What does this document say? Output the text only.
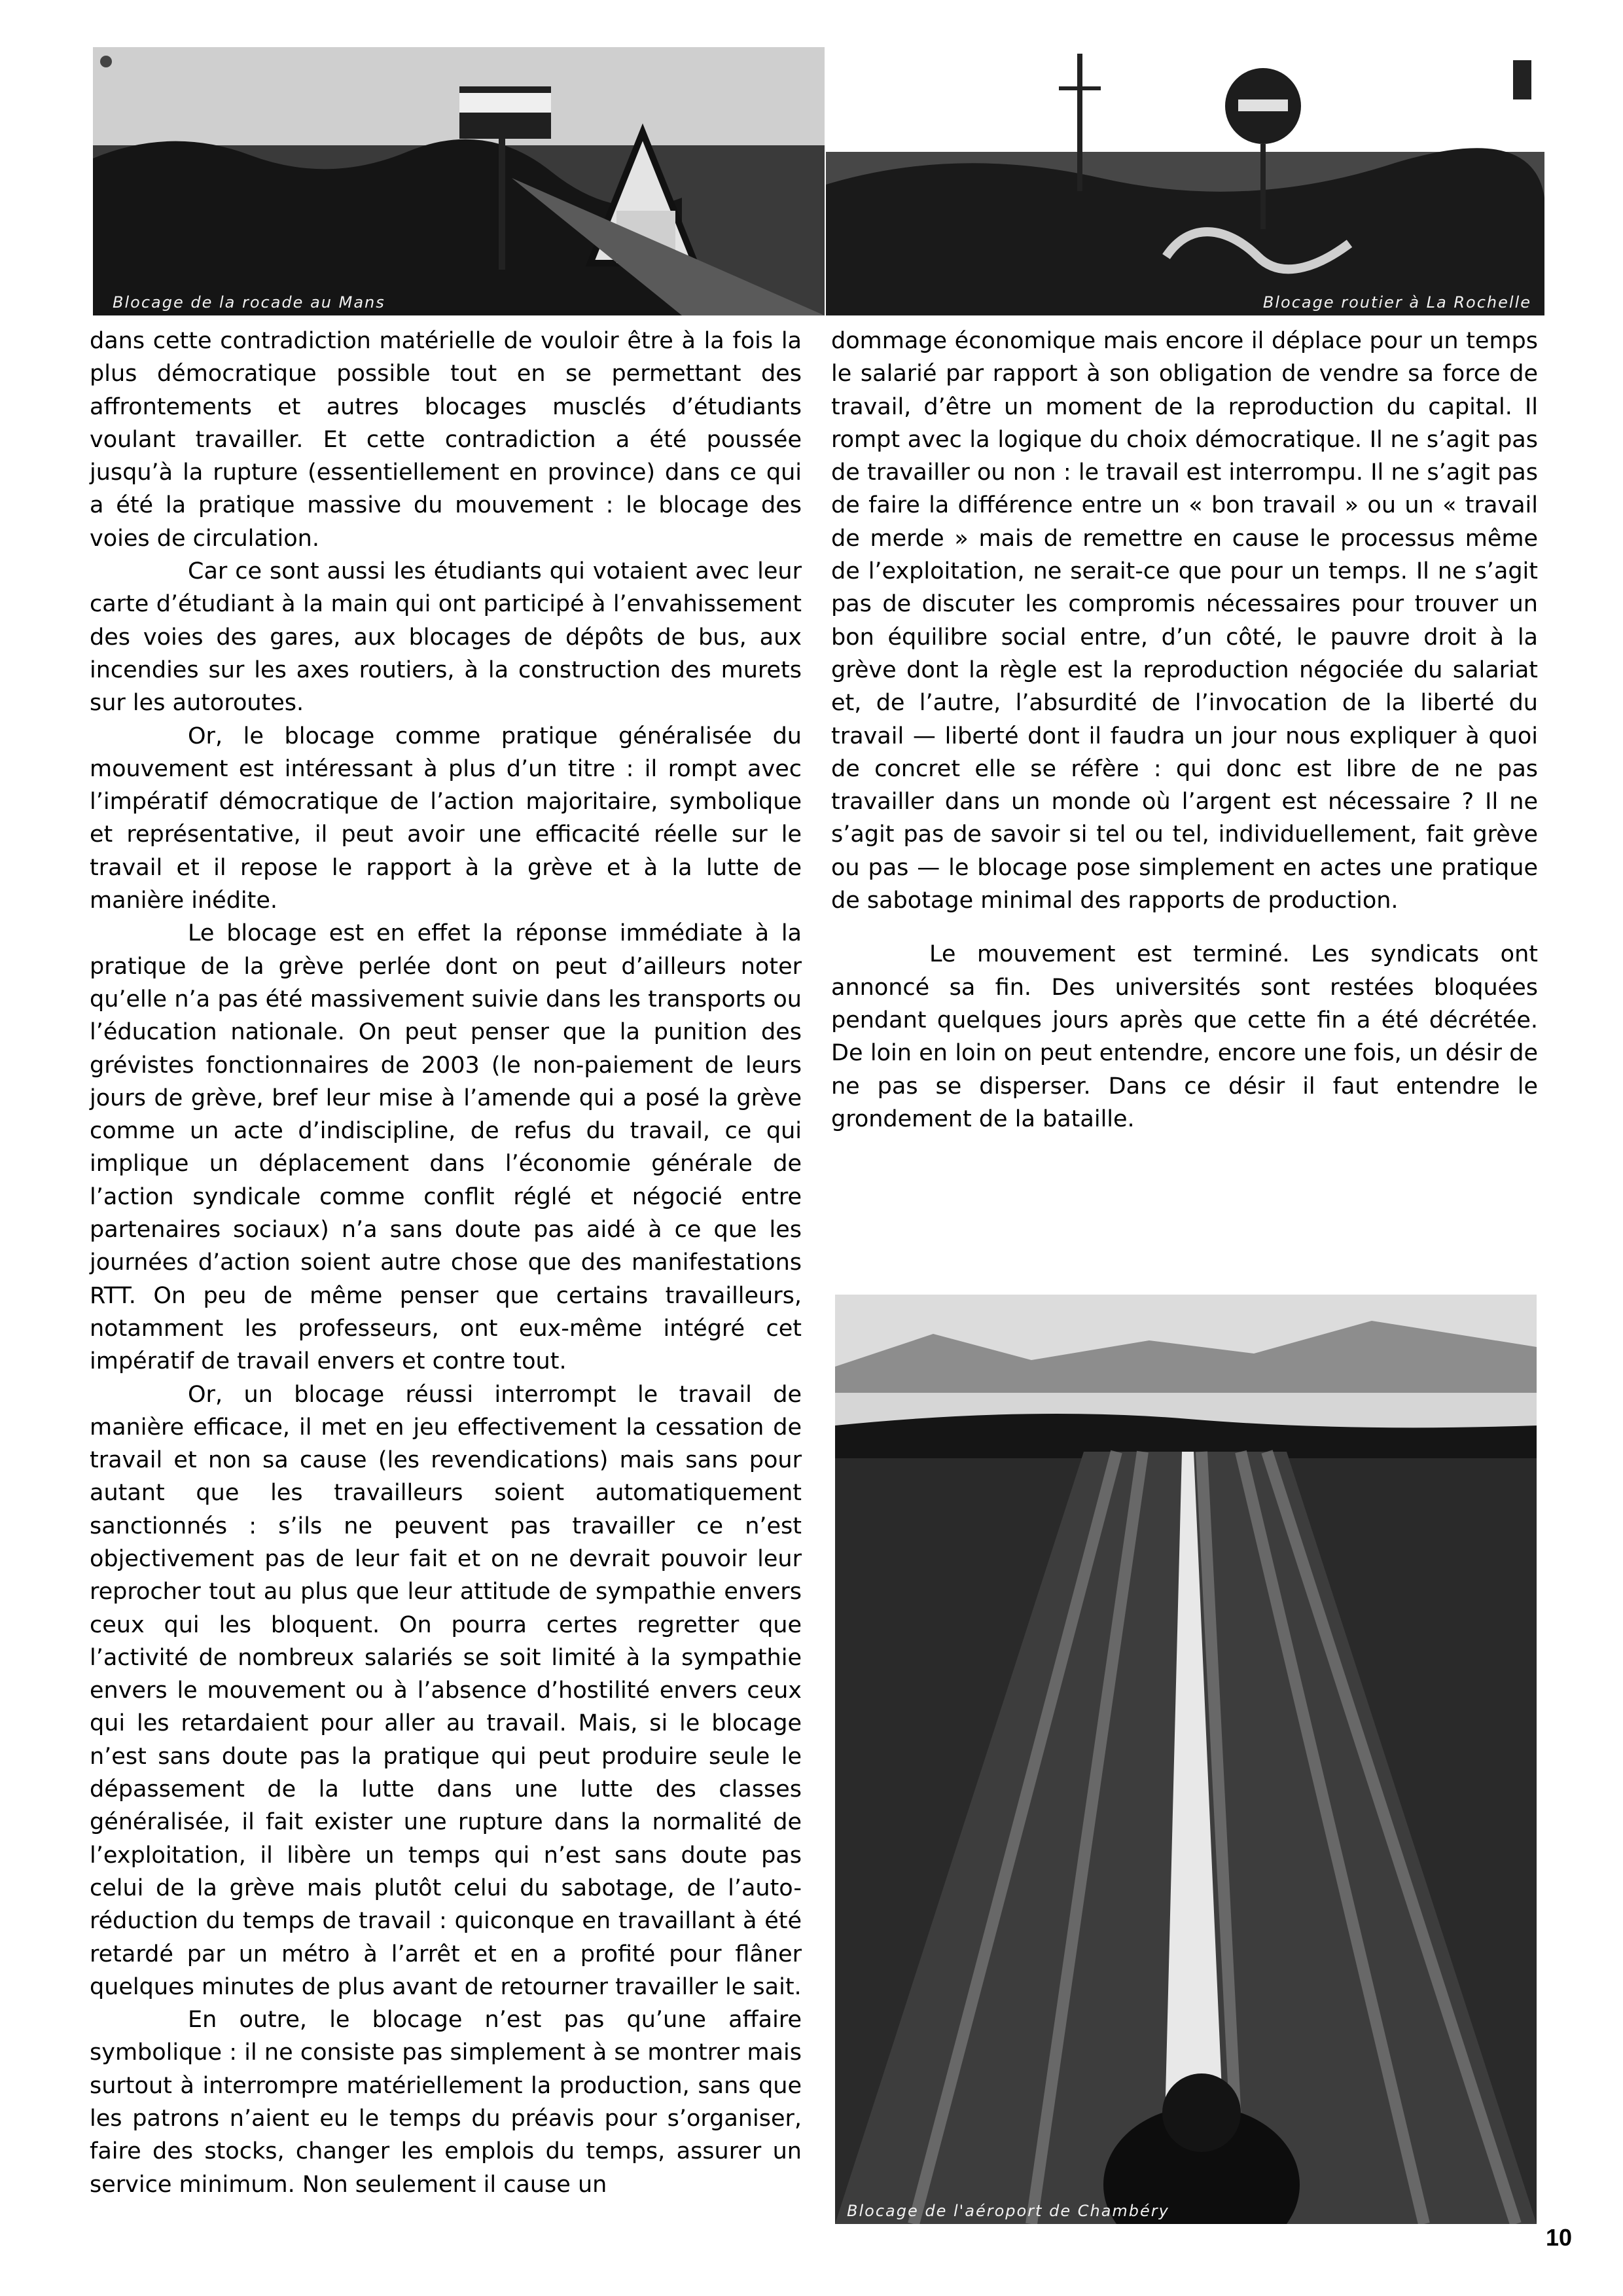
Blocage de la rocade au Mans	Blocage routier à La Rochelle

dans cette contradiction matérielle de vouloir être à la fois la plus démocratique possible tout en se permettant des affrontements et autres blocages musclés d’étudiants voulant travailler. Et cette contradiction a été poussée jusqu’à la rupture (essentiellement en province) dans ce qui a été la pratique massive du mouvement : le blocage des voies de circulation.

Car ce sont aussi les étudiants qui votaient avec leur carte d’étudiant à la main qui ont participé à l’envahissement des voies des gares, aux blocages de dépôts de bus, aux incendies sur les axes routiers, à la construction des murets sur les autoroutes.

Or, le blocage comme pratique généralisée du mouvement est intéressant à plus d’un titre : il rompt avec l’impératif démocratique de l’action majoritaire, symbolique et représentative, il peut avoir une efficacité réelle sur le travail et il repose le rapport à la grève et à la lutte de manière inédite.

Le blocage est en effet la réponse immédiate à la pratique de la grève perlée dont on peut d’ailleurs noter qu’elle n’a pas été massivement suivie dans les transports ou l’éducation nationale. On peut penser que la punition des grévistes fonctionnaires de 2003 (le non-paiement de leurs jours de grève, bref leur mise à l’amende qui a posé la grève comme un acte d’indiscipline, de refus du travail, ce qui implique un déplacement dans l’économie générale de l’action syndicale comme conflit réglé et négocié entre partenaires sociaux) n’a sans doute pas aidé à ce que les journées d’action soient autre chose que des manifestations RTT. On peu de même penser que certains travailleurs, notamment les professeurs, ont eux-même intégré cet impératif de travail envers et contre tout.

Or, un blocage réussi interrompt le travail de manière efficace, il met en jeu effectivement la cessation de travail et non sa cause (les revendications) mais sans pour autant que les travailleurs soient automatiquement sanctionnés : s’ils ne peuvent pas travailler ce n’est objectivement pas de leur fait et on ne devrait pouvoir leur reprocher tout au plus que leur attitude de sympathie envers ceux qui les bloquent. On pourra certes regretter que l’activité de nombreux salariés se soit limité à la sympathie envers le mouvement ou à l’absence d’hostilité envers ceux qui les retardaient pour aller au travail. Mais, si le blocage n’est sans doute pas la pratique qui peut produire seule le dépassement de la lutte dans une lutte des classes généralisée, il fait exister une rupture dans la normalité de l’exploitation, il libère un temps qui n’est sans doute pas celui de la grève mais plutôt celui du sabotage, de l’auto-réduction du temps de travail : quiconque en travaillant à été retardé par un métro à l’arrêt et en a profité pour flâner quelques minutes de plus avant de retourner travailler le sait.

En outre, le blocage n’est pas qu’une affaire symbolique : il ne consiste pas simplement à se montrer mais surtout à interrompre matériellement la production, sans que les patrons n’aient eu le temps du préavis pour s’organiser, faire des stocks, changer les emplois du temps, assurer un service minimum. Non seulement il cause un

dommage économique mais encore il déplace pour un temps le salarié par rapport à son obligation de vendre sa force de travail, d’être un moment de la reproduction du capital. Il rompt avec la logique du choix démocratique. Il ne s’agit pas de travailler ou non : le travail est interrompu. Il ne s’agit pas de faire la différence entre un « bon travail » ou un « travail de merde » mais de remettre en cause le processus même de l’exploitation, ne serait-ce que pour un temps. Il ne s’agit pas de discuter les compromis nécessaires pour trouver un bon équilibre social entre, d’un côté, le pauvre droit à la grève dont la règle est la reproduction négociée du salariat et, de l’autre, l’absurdité de l’invocation de la liberté du travail — liberté dont il faudra un jour nous expliquer à quoi de concret elle se réfère : qui donc est libre de ne pas travailler dans un monde où l’argent est nécessaire ? Il ne s’agit pas de savoir si tel ou tel, individuellement, fait grève ou pas — le blocage pose simplement en actes une pratique de sabotage minimal des rapports de production.

Le mouvement est terminé. Les syndicats ont annoncé sa fin. Des universités sont restées bloquées pendant quelques jours après que cette fin a été décrétée. De loin en loin on peut entendre, encore une fois, un désir de ne pas se disperser. Dans ce désir il faut entendre le grondement de la bataille.

Blocage de l'aéroport de Chambéry
10
